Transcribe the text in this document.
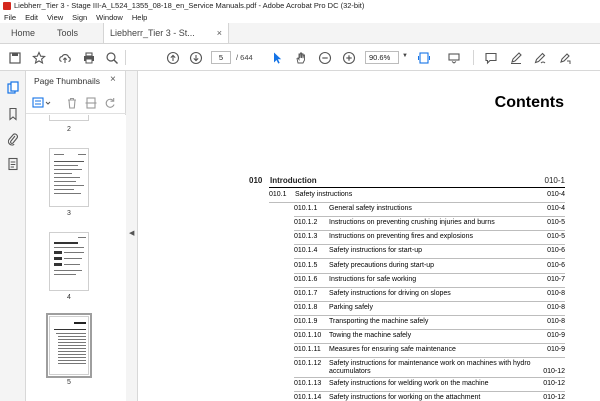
Liebherr_Tier 3 - Stage III-A_L524_1355_08-18_en_Service Manuals.pdf - Adobe Acrobat Pro DC (32-bit)
File Edit View Sign Window Help
Home	Tools	Liebherr_Tier 3 - St... ×
5	/ 644	90.6%	▼
Page Thumbnails ×
2
3
4
5
◀
Contents
010 Introduction	010-1
010.1 Safety instructions	010-4
010.1.1 General safety instructions	010-4
010.1.2 Instructions on preventing crushing injuries and burns	010-5
010.1.3 Instructions on preventing fires and explosions	010-5
010.1.4 Safety instructions for start-up	010-6
010.1.5 Safety precautions during start-up	010-6
010.1.6 Instructions for safe working	010-7
010.1.7 Safety instructions for driving on slopes	010-8
010.1.8 Parking safely	010-8
010.1.9 Transporting the machine safely	010-8
010.1.10 Towing the machine safely	010-9
010.1.11 Measures for ensuring safe maintenance	010-9
010.1.12 Safety instructions for maintenance work on machines with hydro
accumulators	010-12
010.1.13 Safety instructions for welding work on the machine	010-12
010.1.14 Safety instructions for working on the attachment	010-12
